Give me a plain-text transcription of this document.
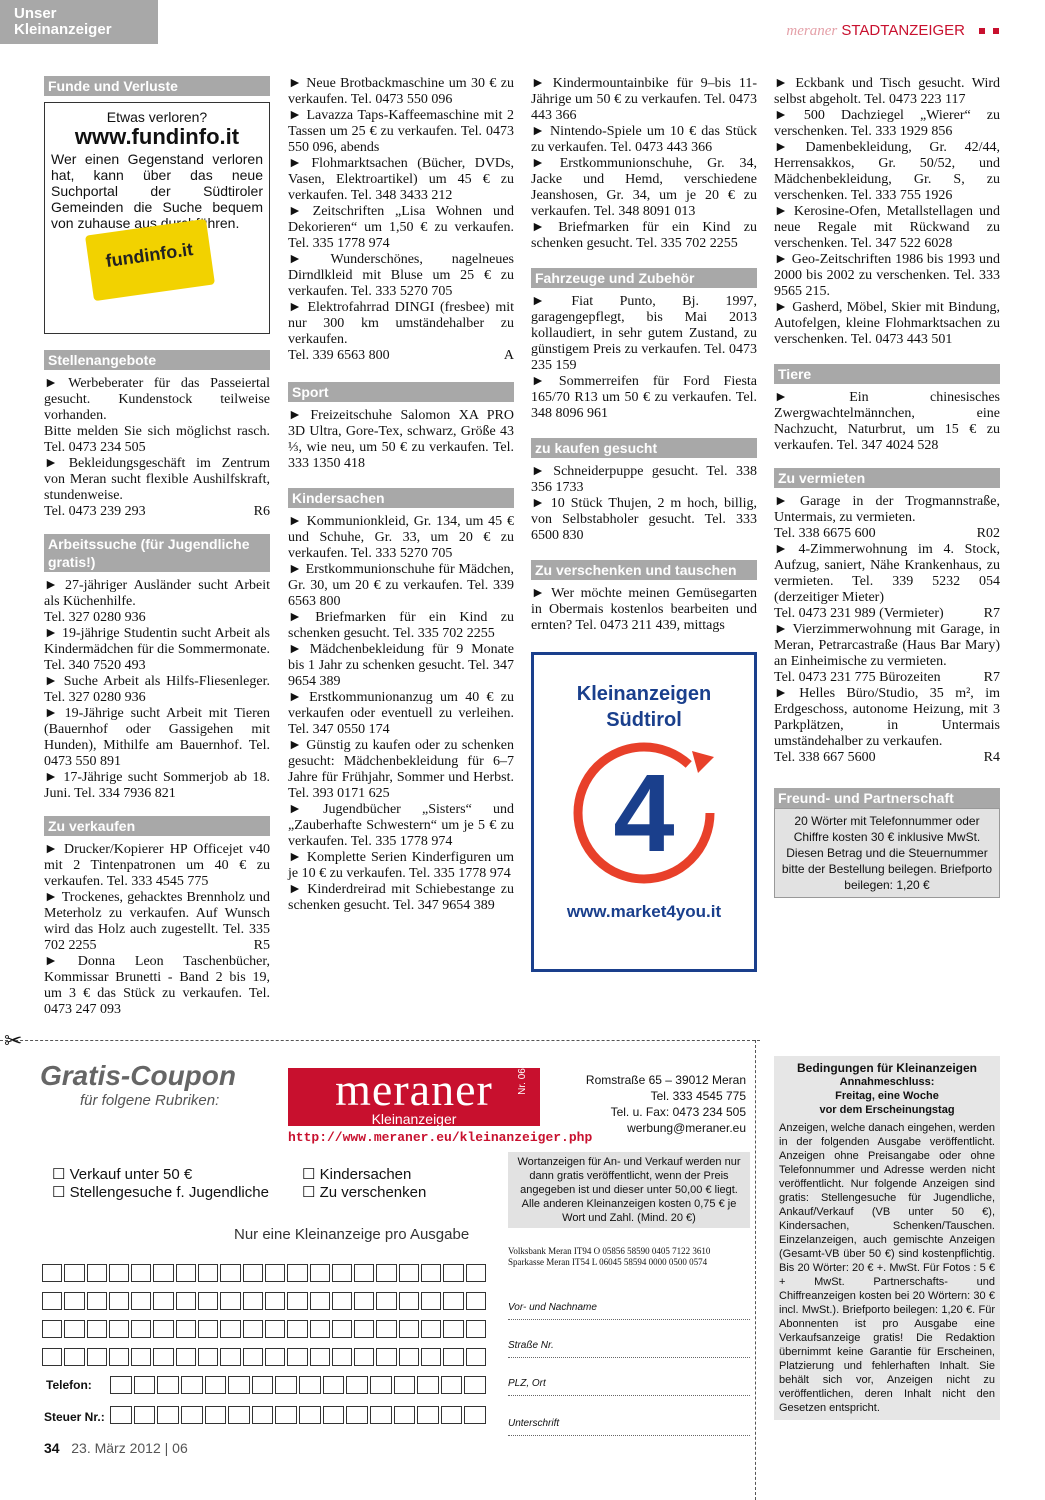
Unser Kleinanzeiger	meraner STADTANZEIGER
Funde und Verluste
Etwas verloren?
www.fundinfo.it
Wer einen Gegenstand verloren hat, kann über das neue Suchportal der Südtiroler Gemeinden die Suche bequem von zuhause aus durchführen.
fundinfo.it
Stellenangebote

► Werbeberater für das Passeiertal gesucht. Kundenstock teilweise vorhanden.

Bitte melden Sie sich möglichst rasch. Tel. 0473 234 505

► Bekleidungsgeschäft im Zentrum von Meran sucht flexible Aushilfskraft, stundenweise.

Tel. 0473 239 293	R6

Arbeitssuche (für Jugendliche gratis!)

► 27-jähriger Ausländer sucht Arbeit als Küchenhilfe.

Tel. 327 0280 936

► 19-jährige Studentin sucht Arbeit als Kindermädchen für die Sommermonate. Tel. 340 7520 493

► Suche Arbeit als Hilfs-Fliesenleger. Tel. 327 0280 936

► 19-Jährige sucht Arbeit mit Tieren (Bauernhof oder Gassigehen mit Hunden), Mithilfe am Bauernhof. Tel. 0473 550 891

► 17-Jährige sucht Sommerjob ab 18. Juni. Tel. 334 7936 821

Zu verkaufen

► Drucker/Kopierer HP Officejet v40 mit 2 Tintenpatronen um 40 € zu verkaufen. Tel. 333 4545 775

► Trockenes, gehacktes Brennholz und Meterholz zu verkaufen. Auf Wunsch wird das Holz auch zugestellt. Tel. 335 702 2255	R5

► Donna Leon Taschenbücher, Kommissar Brunetti - Band 2 bis 19, um 3 € das Stück zu verkaufen. Tel. 0473 247 093

► Neue Brotbackmaschine um 30 € zu verkaufen. Tel. 0473 550 096

► Lavazza Taps-Kaffeemaschine mit 2 Tassen um 25 € zu verkaufen. Tel. 0473 550 096, abends

► Flohmarktsachen (Bücher, DVDs, Vasen, Elektroartikel) um 45 € zu verkaufen. Tel. 348 3433 212

► Zeitschriften „Lisa Wohnen und Dekorieren“ um 1,50 € zu verkaufen. Tel. 335 1778 974

► Wunderschönes, nagelneues Dirndlkleid mit Bluse um 25 € zu verkaufen. Tel. 333 5270 705

► Elektrofahrrad DINGI (fresbee) mit nur 300 km umständehalber zu verkaufen.

Tel. 339 6563 800	A

Sport

► Freizeitschuhe Salomon XA PRO 3D Ultra, Gore-Tex, schwarz, Größe 43 ⅓, wie neu, um 50 € zu verkaufen. Tel. 333 1350 418

Kindersachen

► Kommunionkleid, Gr. 134, um 45 € und Schuhe, Gr. 33, um 20 € zu verkaufen. Tel. 333 5270 705

► Erstkommunionschuhe für Mädchen, Gr. 30, um 20 € zu verkaufen. Tel. 339 6563 800

► Briefmarken für ein Kind zu schenken gesucht. Tel. 335 702 2255

► Mädchenbekleidung für 9 Monate bis 1 Jahr zu schenken gesucht. Tel. 347 9654 389

► Erstkommunionanzug um 40 € zu verkaufen oder eventuell zu verleihen. Tel. 347 0550 174

► Günstig zu kaufen oder zu schenken gesucht: Mädchenbekleidung für 6–7 Jahre für Frühjahr, Sommer und Herbst. Tel. 393 0171 625

► Jugendbücher „Sisters“ und „Zauberhafte Schwestern“ um je 5 € zu verkaufen. Tel. 335 1778 974

► Komplette Serien Kinderfiguren um je 10 € zu verkaufen. Tel. 335 1778 974

► Kinderdreirad mit Schiebestange zu schenken gesucht. Tel. 347 9654 389

► Kindermountainbike für 9–bis 11-Jährige um 50 € zu verkaufen. Tel. 0473 443 366

► Nintendo-Spiele um 10 € das Stück zu verkaufen. Tel. 0473 443 366

► Erstkommunionschuhe, Gr. 34, Jacke und Hemd, verschiedene Jeanshosen, Gr. 34, um je 20 € zu verkaufen. Tel. 348 8091 013

► Briefmarken für ein Kind zu schenken gesucht. Tel. 335 702 2255

Fahrzeuge und Zubehör

► Fiat Punto, Bj. 1997, garagengepflegt, bis Mai 2013 kollaudiert, in sehr gutem Zustand, zu günstigem Preis zu verkaufen. Tel. 0473 235 159

► Sommerreifen für Ford Fiesta 165/70 R13 um 50 € zu verkaufen. Tel. 348 8096 961

zu kaufen gesucht

► Schneiderpuppe gesucht. Tel. 338 356 1733

► 10 Stück Thujen, 2 m hoch, billig, von Selbstabholer gesucht. Tel. 333 6500 830

Zu verschenken und tauschen

► Wer möchte meinen Gemüsegarten in Obermais kostenlos bearbeiten und ernten? Tel. 0473 211 439, mittags

Kleinanzeigen
Südtirol
4
www.market4you.it

► Eckbank und Tisch gesucht. Wird selbst abgeholt. Tel. 0473 223 117

► 500 Dachziegel „Wierer“ zu verschenken. Tel. 333 1929 856

► Damenbekleidung, Gr. 42/44, Herrensakkos, Gr. 50/52, und Mädchenbekleidung, Gr. S, zu verschenken. Tel. 333 755 1926

► Kerosine-Ofen, Metallstellagen und neue Regale mit Rückwand zu verschenken. Tel. 347 522 6028

► Geo-Zeitschriften 1986 bis 1993 und 2000 bis 2002 zu verschenken. Tel. 333 9565 215.

► Gasherd, Möbel, Skier mit Bindung, Autofelgen, kleine Flohmarktsachen zu verschenken. Tel. 0473 443 501

Tiere

► Ein chinesisches Zwergwachtelmännchen, eine Nachzucht, Naturbrut, um 15 € zu verkaufen. Tel. 347 4024 528

Zu vermieten

► Garage in der Trogmannstraße, Untermais, zu vermieten.

Tel. 338 6675 600	R02

► 4-Zimmerwohnung im 4. Stock, Aufzug, saniert, Nähe Krankenhaus, zu vermieten. Tel. 339 5232 054 (derzeitiger Mieter)

Tel. 0473 231 989 (Vermieter)	R7

► Vierzimmerwohnung mit Garage, in Meran, Petrarcastraße (Haus Bar Mary) an Einheimische zu vermieten.

Tel. 0473 231 775 Bürozeiten	R7

► Helles Büro/Studio, 35 m², im Erdgeschoss, autonome Heizung, mit 3 Parkplätzen, in Untermais umständehalber zu verkaufen.

Tel. 338 667 5600	R4

Freund- und Partnerschaft
20 Wörter mit Telefonnummer oder Chiffre kosten 30 € inklusive MwSt. Diesen Betrag und die Steuernummer bitte der Bestellung beilegen. Briefporto beilegen: 1,20 €
✂
Gratis-Coupon
für folgene Rubriken:	meraner
Kleinanzeiger
Nr. 06
http://www.meraner.eu/kleinanzeiger.php
Romstraße 65 – 39012 Meran
Tel. 333 4545 775
Tel. u. Fax: 0473 234 505
werbung@meraner.eu
☐ Verkauf unter 50 €
☐ Stellengesuche f. Jugendliche
☐ Kindersachen
☐ Zu verschenken
Nur eine Kleinanzeige pro Ausgabe
Telefon:
Steuer Nr.:
Wortanzeigen für An- und Verkauf werden nur dann gratis veröffentlicht, wenn der Preis angegeben ist und dieser unter 50,00 € liegt. Alle anderen Kleinanzeigen kosten 0,75 € je Wort und Zahl. (Mind. 20 €)
Volksbank Meran IT94 O 05856 58590 0405 7122 3610
Sparkasse Meran IT54 L 06045 58594 0000 0500 0574
Vor- und Nachname
Straße Nr.
PLZ, Ort
Unterschrift
Bedingungen für Kleinanzeigen
Annahmeschluss:
Freitag, eine Woche
vor dem Erscheinungstag
Anzeigen, welche danach eingehen, werden in der folgenden Ausgabe veröffentlicht. Anzeigen ohne Preisangabe oder ohne Telefonnummer und Adresse werden nicht veröffentlicht. Nur folgende Anzeigen sind gratis: Stellengesuche für Jugendliche, Ankauf/Verkauf (VB unter 50 €), Kindersachen, Schenken/Tauschen. Einzelanzeigen, auch gemischte Anzeigen (Gesamt-VB über 50 €) sind kostenpflichtig. Bis 20 Wörter: 20 € +. MwSt. Für Fotos : 5 € + MwSt. Partnerschafts- und Chiffreanzeigen kosten bei 20 Wörtern: 30 € incl. MwSt.). Briefporto beilegen: 1,20 €. Für Abonnenten ist pro Ausgabe eine Verkaufsanzeige gratis! Die Redaktion übernimmt keine Garantie für Erscheinen, Platzierung und fehlerhaften Inhalt. Sie behält sich vor, Anzeigen nicht zu veröffentlichen, deren Inhalt nicht den Gesetzen entspricht.
34 23. März 2012 | 06
